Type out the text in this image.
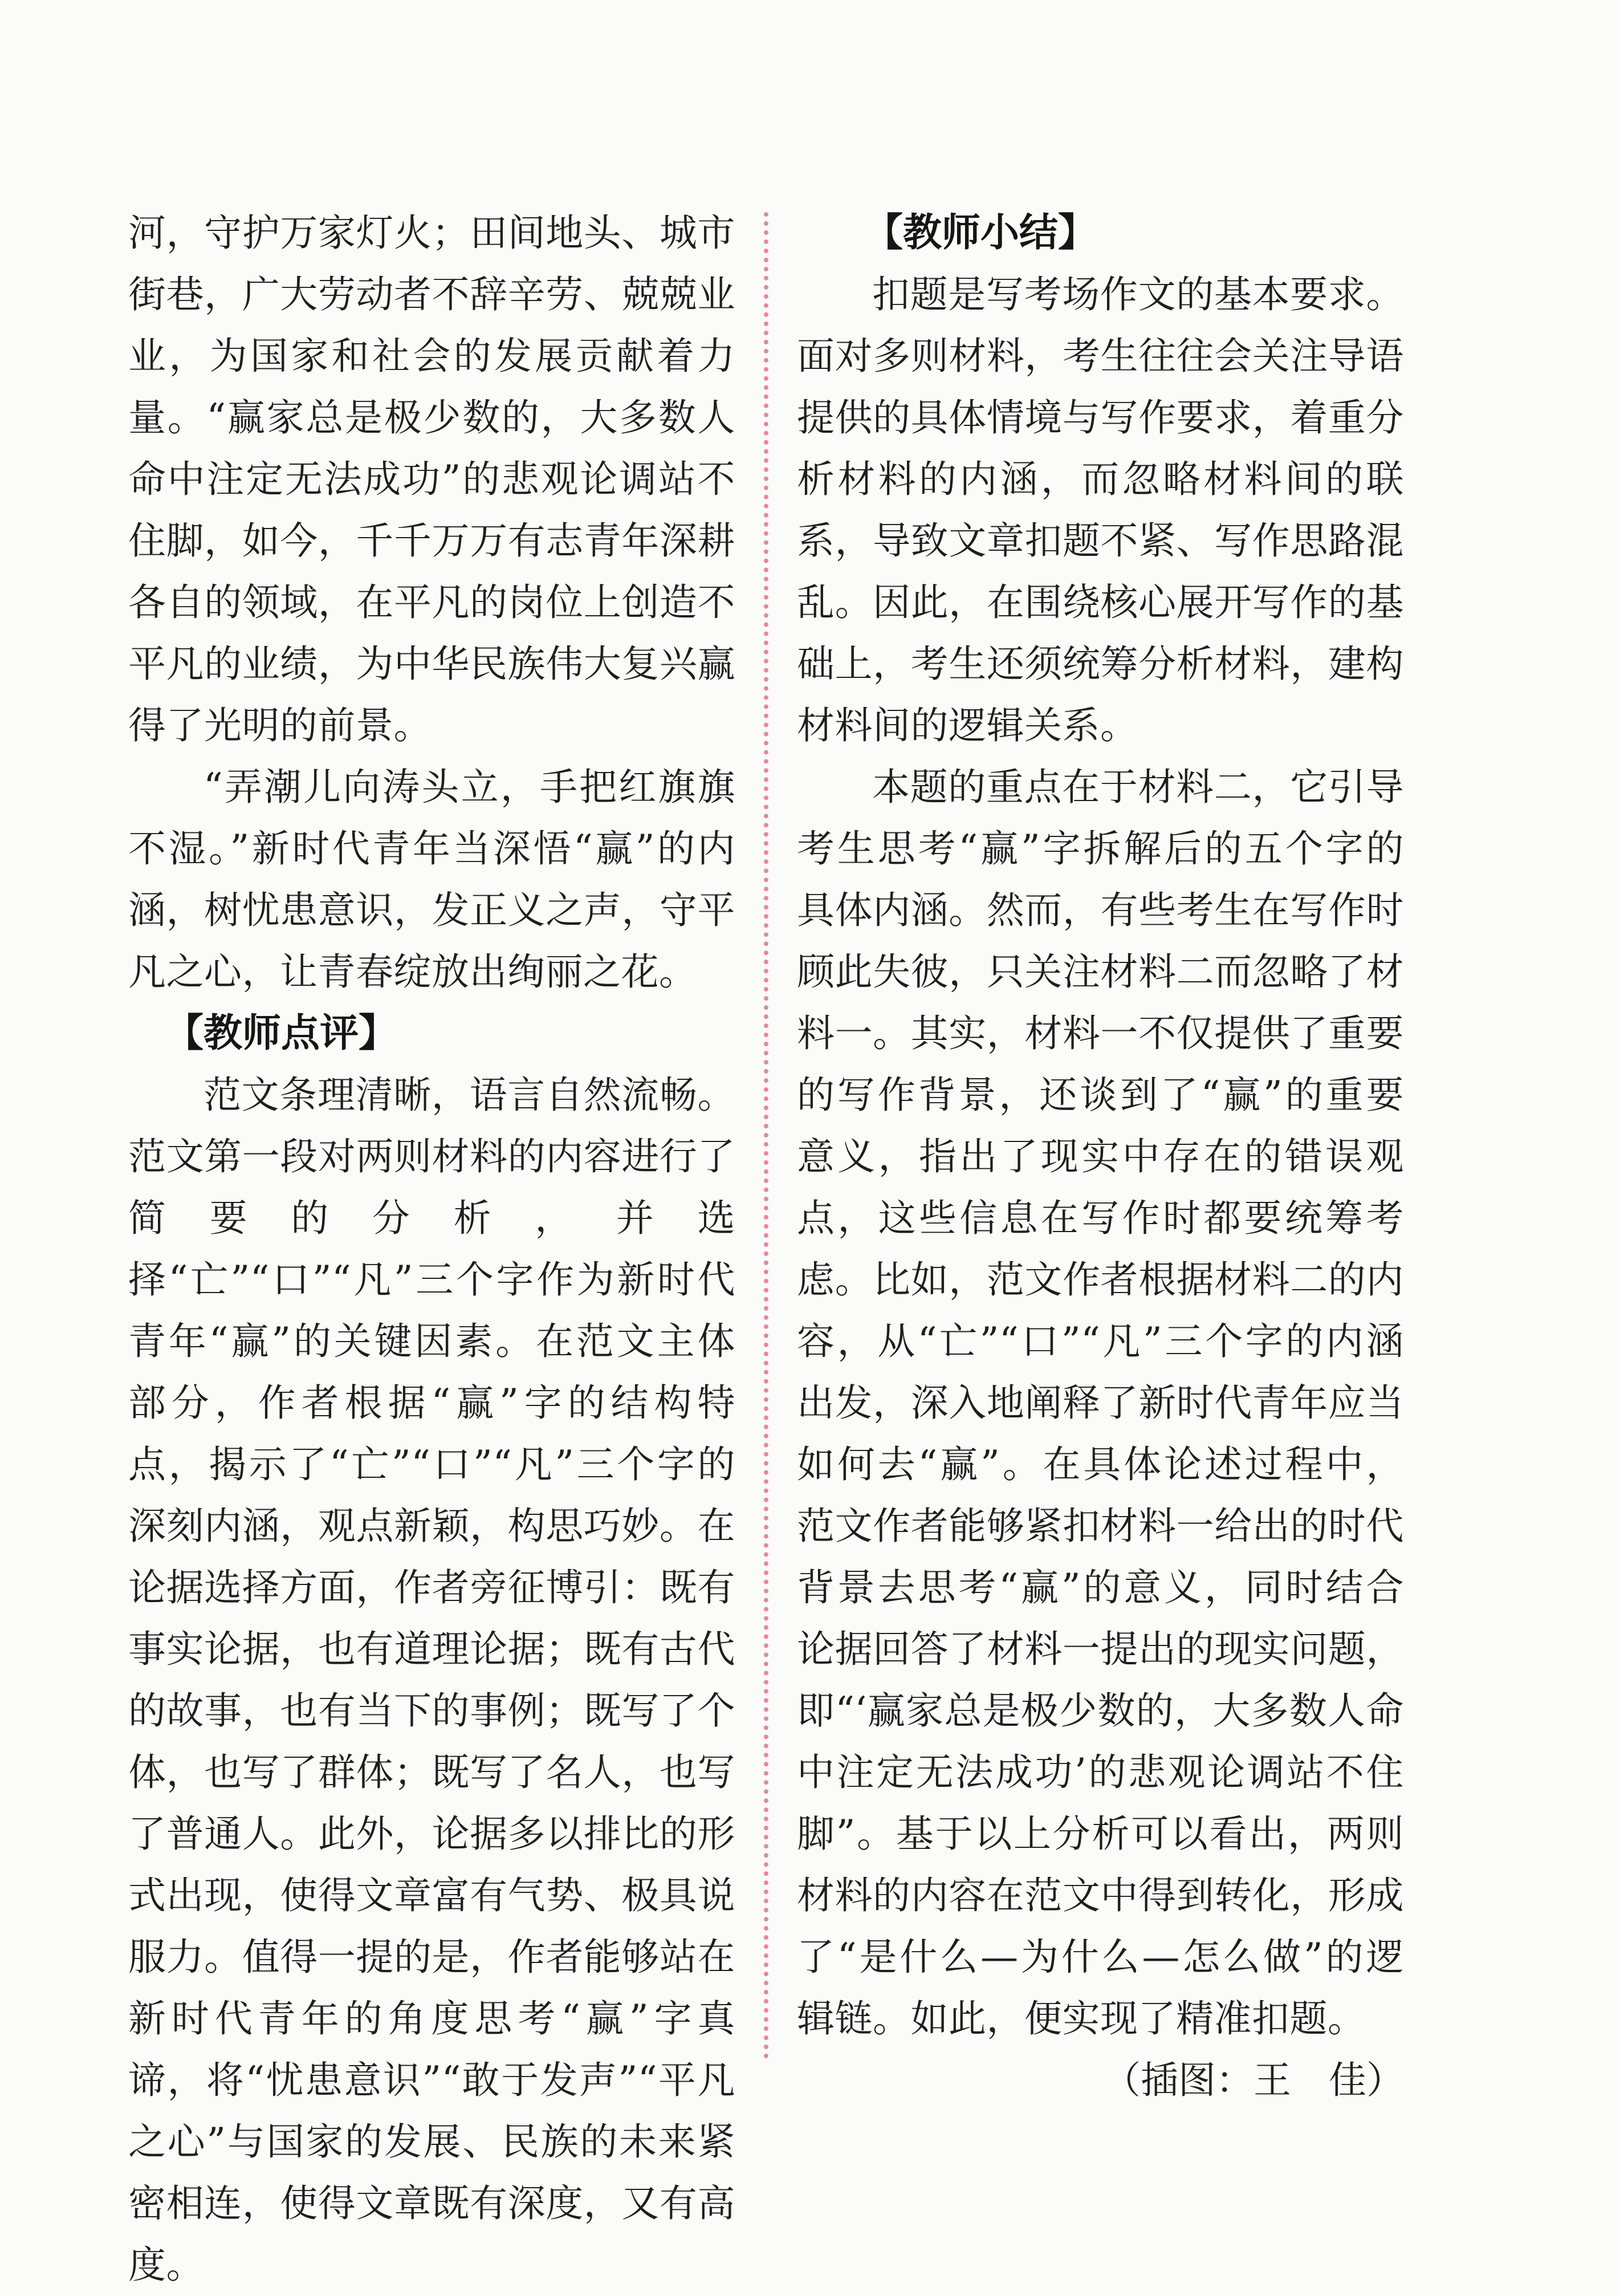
河，守护万家灯火；田间地头、城市街巷，广大劳动者不辞辛劳、兢兢业业，为国家和社会的发展贡献着力量。“赢家总是极少数的，大多数人命中注定无法成功”的悲观论调站不住脚，如今，千千万万有志青年深耕各自的领域，在平凡的岗位上创造不平凡的业绩，为中华民族伟大复兴赢得了光明的前景。

“弄潮儿向涛头立，手把红旗旗不湿。”新时代青年当深悟“赢”的内涵，树忧患意识，发正义之声，守平凡之心，让青春绽放出绚丽之花。

【教师点评】

范文条理清晰，语言自然流畅。范文第一段对两则材料的内容进行了简要的分析，并选择“亡”“口”“凡”三个字作为新时代青年“赢”的关键因素。在范文主体部分，作者根据“赢”字的结构特点，揭示了“亡”“口”“凡”三个字的深刻内涵，观点新颖，构思巧妙。在论据选择方面，作者旁征博引：既有事实论据，也有道理论据；既有古代的故事，也有当下的事例；既写了个体，也写了群体；既写了名人，也写了普通人。此外，论据多以排比的形式出现，使得文章富有气势、极具说服力。值得一提的是，作者能够站在新时代青年的角度思考“赢”字真谛，将“忧患意识”“敢于发声”“平凡之心”与国家的发展、民族的未来紧密相连，使得文章既有深度，又有高度。

【教师小结】

扣题是写考场作文的基本要求。面对多则材料，考生往往会关注导语提供的具体情境与写作要求，着重分析材料的内涵，而忽略材料间的联系，导致文章扣题不紧、写作思路混乱。因此，在围绕核心展开写作的基础上，考生还须统筹分析材料，建构材料间的逻辑关系。

本题的重点在于材料二，它引导考生思考“赢”字拆解后的五个字的具体内涵。然而，有些考生在写作时顾此失彼，只关注材料二而忽略了材料一。其实，材料一不仅提供了重要的写作背景，还谈到了“赢”的重要意义，指出了现实中存在的错误观点，这些信息在写作时都要统筹考虑。比如，范文作者根据材料二的内容，从“亡”“口”“凡”三个字的内涵出发，深入地阐释了新时代青年应当如何去“赢”。在具体论述过程中，范文作者能够紧扣材料一给出的时代背景去思考“赢”的意义，同时结合论据回答了材料一提出的现实问题，即“‘赢家总是极少数的，大多数人命中注定无法成功’的悲观论调站不住脚”。基于以上分析可以看出，两则材料的内容在范文中得到转化，形成了“是什么—为什么—怎么做”的逻辑链。如此，便实现了精准扣题。

（插图：王　佳）
